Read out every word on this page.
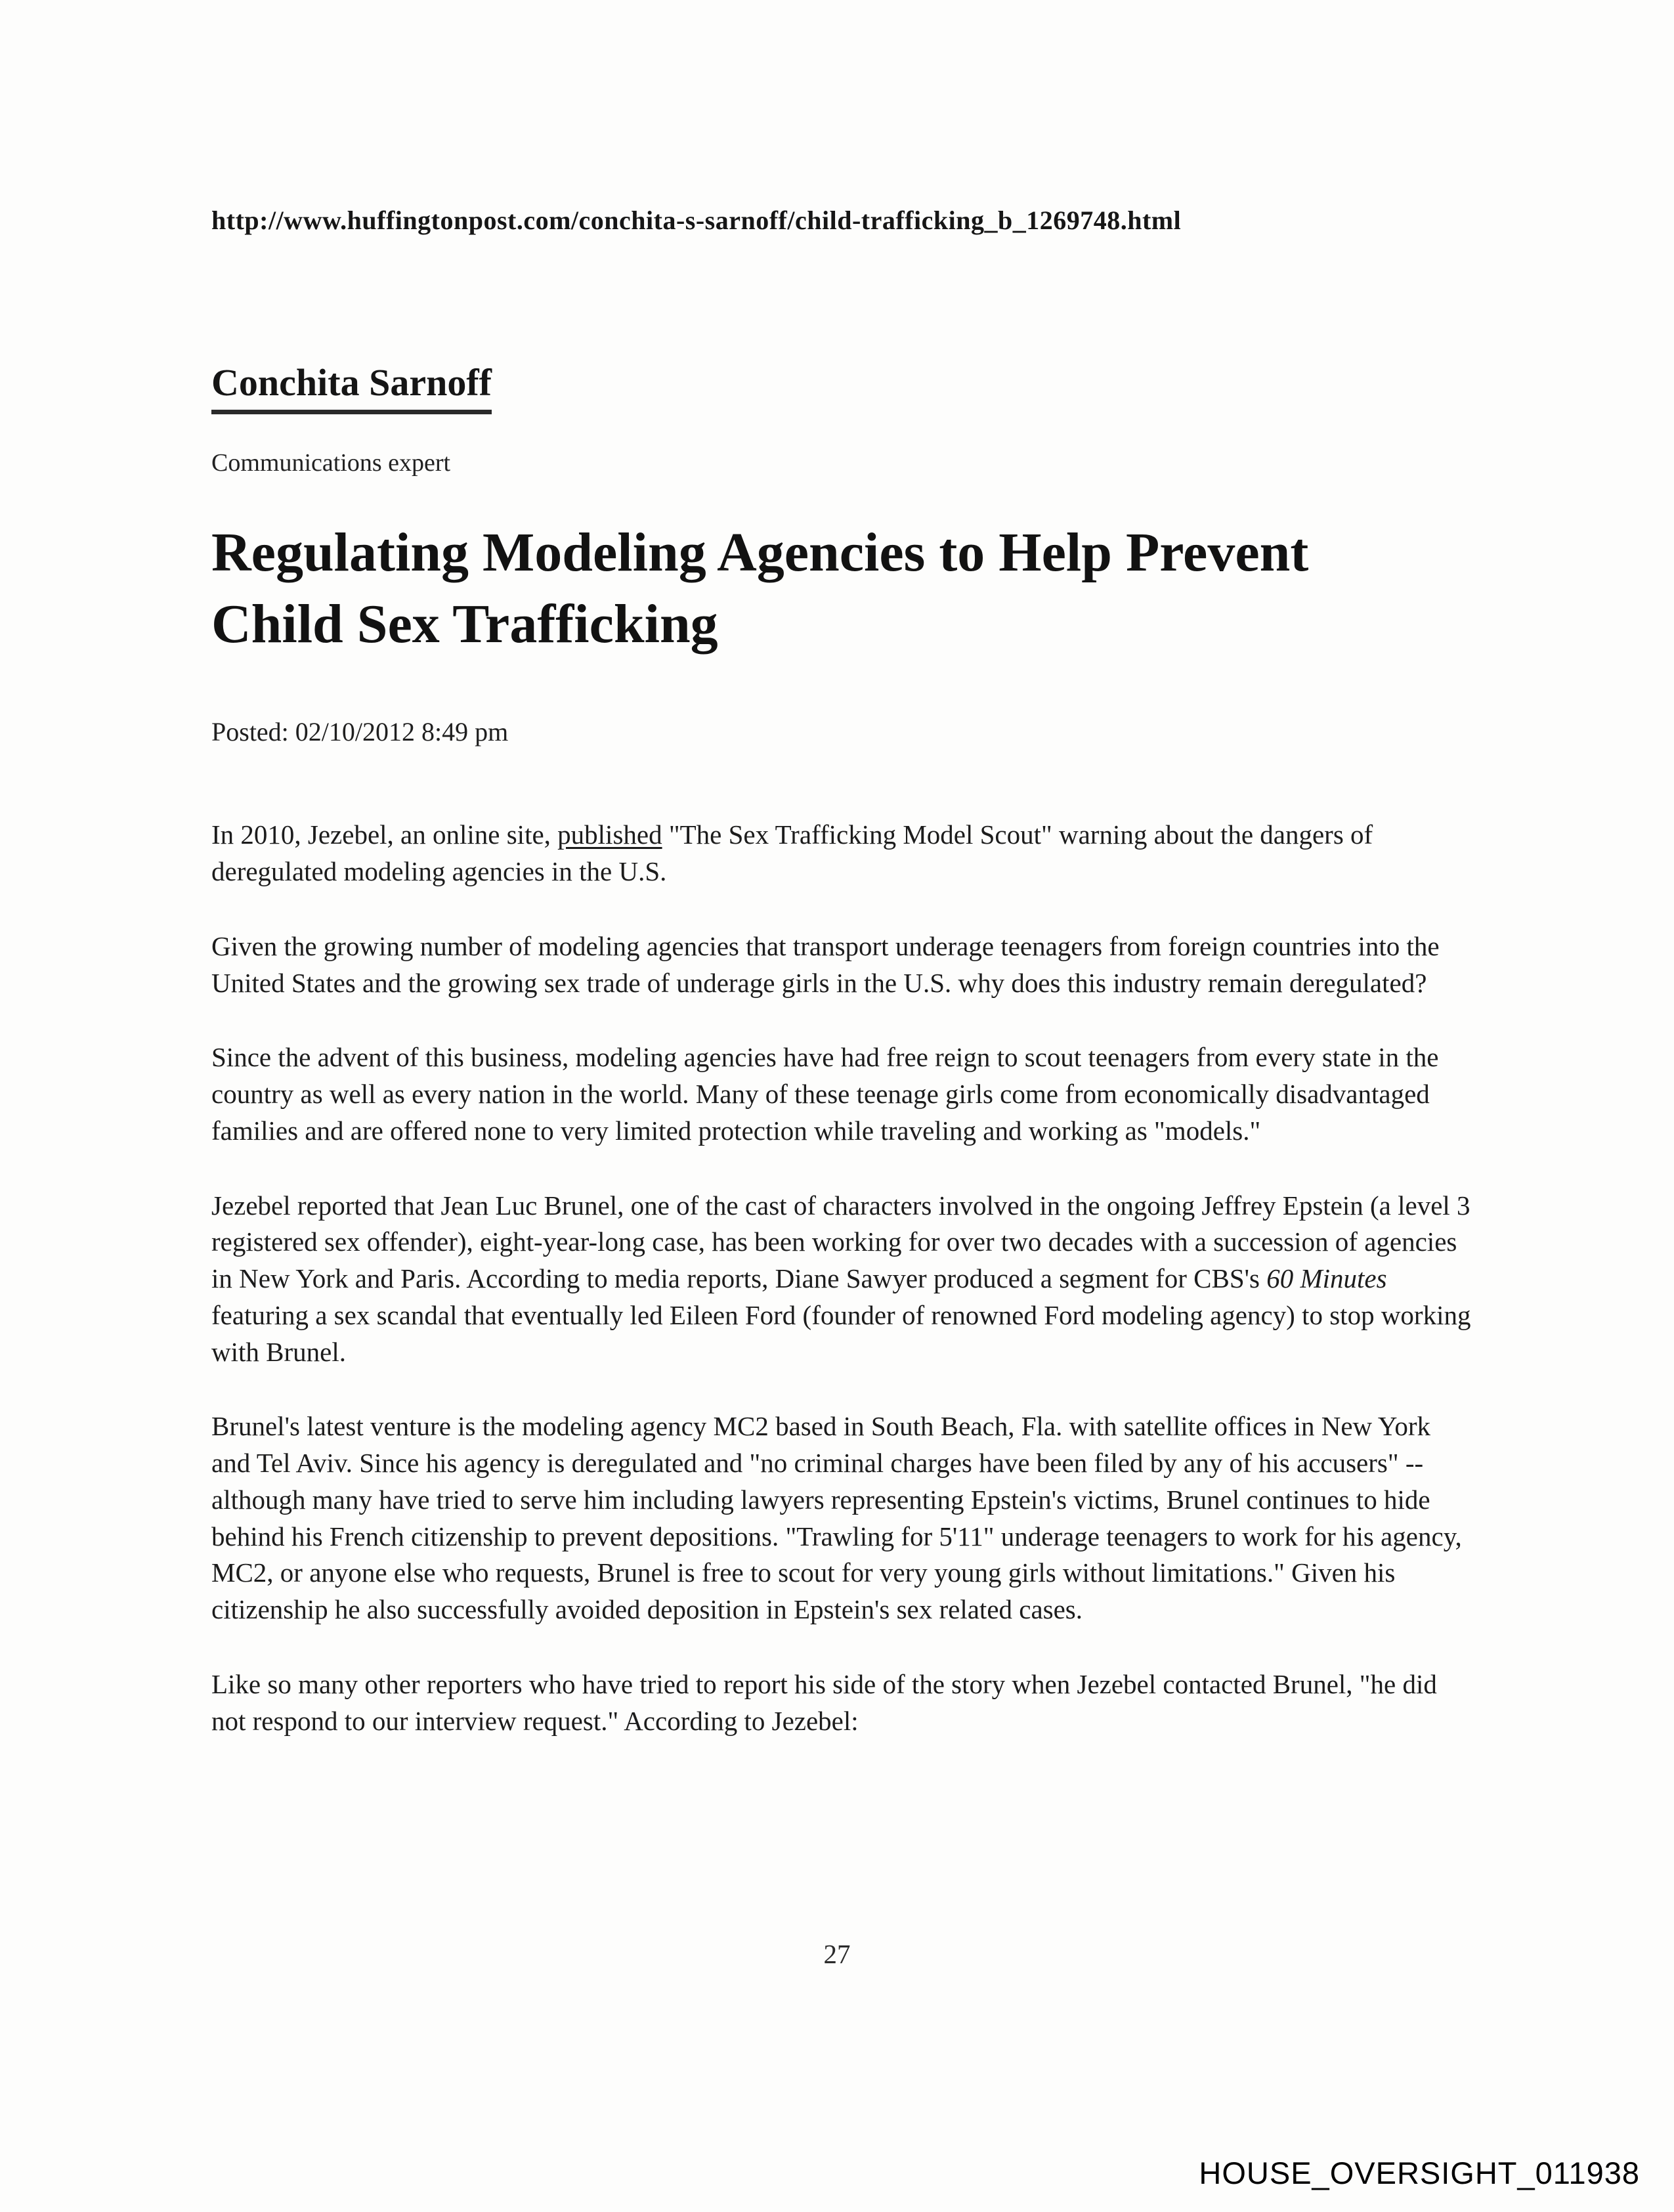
http://www.huffingtonpost.com/conchita-s-sarnoff/child-trafficking_b_1269748.html
Conchita Sarnoff
Communications expert
Regulating Modeling Agencies to Help Prevent Child Sex Trafficking
Posted: 02/10/2012 8:49 pm

In 2010, Jezebel, an online site, published "The Sex Trafficking Model Scout" warning about the dangers of deregulated modeling agencies in the U.S.

Given the growing number of modeling agencies that transport underage teenagers from foreign countries into the United States and the growing sex trade of underage girls in the U.S. why does this industry remain deregulated?

Since the advent of this business, modeling agencies have had free reign to scout teenagers from every state in the country as well as every nation in the world. Many of these teenage girls come from economically disadvantaged families and are offered none to very limited protection while traveling and working as "models."

Jezebel reported that Jean Luc Brunel, one of the cast of characters involved in the ongoing Jeffrey Epstein (a level 3 registered sex offender), eight-year-long case, has been working for over two decades with a succession of agencies in New York and Paris. According to media reports, Diane Sawyer produced a segment for CBS's 60 Minutes featuring a sex scandal that eventually led Eileen Ford (founder of renowned Ford modeling agency) to stop working with Brunel.

Brunel's latest venture is the modeling agency MC2 based in South Beach, Fla. with satellite offices in New York and Tel Aviv. Since his agency is deregulated and "no criminal charges have been filed by any of his accusers" -- although many have tried to serve him including lawyers representing Epstein's victims, Brunel continues to hide behind his French citizenship to prevent depositions. "Trawling for 5'11" underage teenagers to work for his agency, MC2, or anyone else who requests, Brunel is free to scout for very young girls without limitations." Given his citizenship he also successfully avoided deposition in Epstein's sex related cases.

Like so many other reporters who have tried to report his side of the story when Jezebel contacted Brunel, "he did not respond to our interview request." According to Jezebel:

27
HOUSE_OVERSIGHT_011938
